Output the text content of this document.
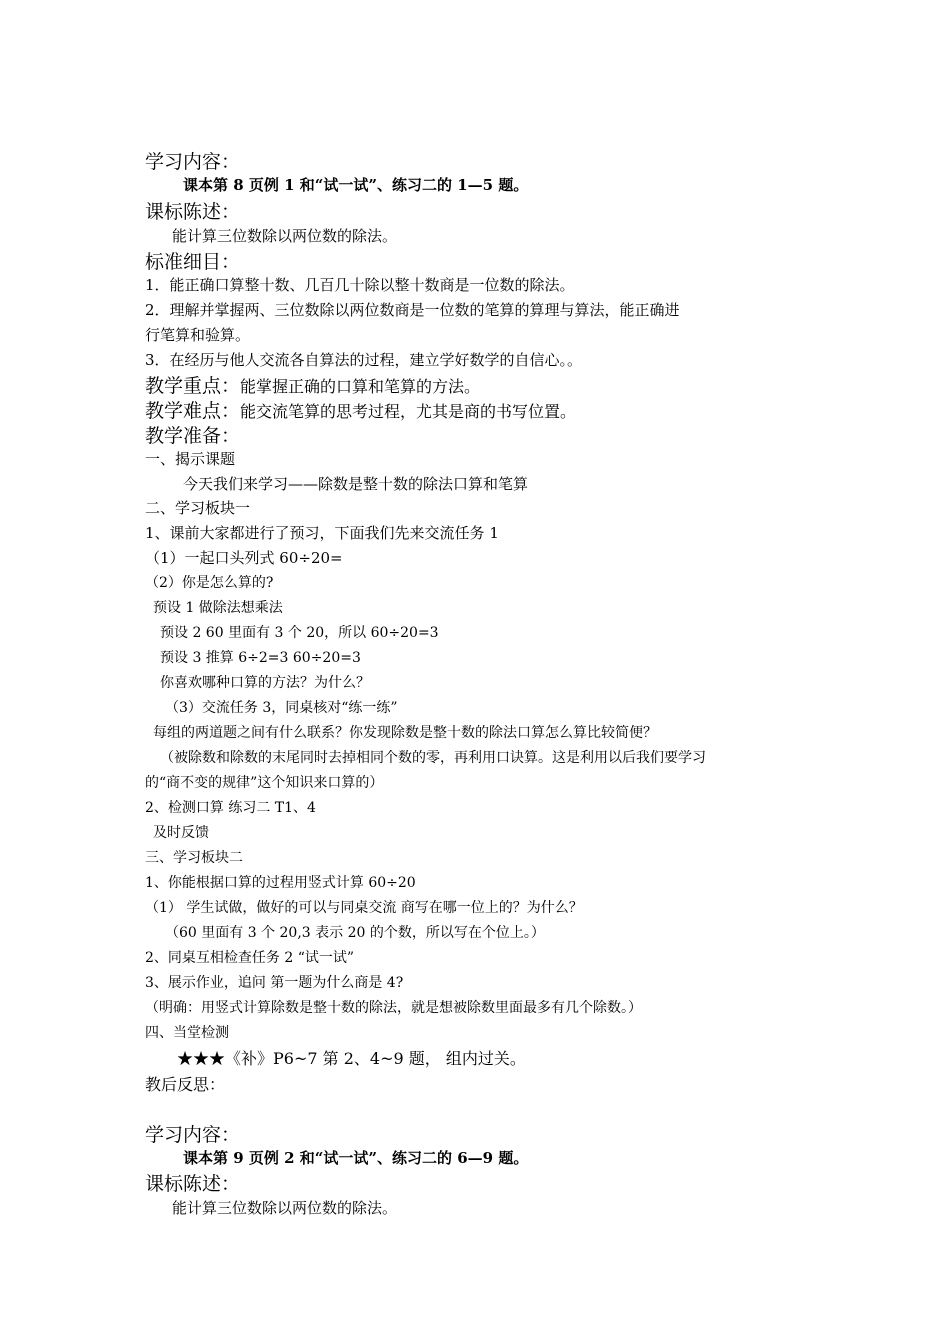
学习内容：
课本第 8 页例 1 和“试一试”、练习二的 1—5 题。
课标陈述：
能计算三位数除以两位数的除法。
标准细目：
1．能正确口算整十数、几百几十除以整十数商是一位数的除法。
2．理解并掌握两、三位数除以两位数商是一位数的笔算的算理与算法，能正确进
行笔算和验算。
3．在经历与他人交流各自算法的过程，建立学好数学的自信心。。
教学重点：能掌握正确的口算和笔算的方法。
教学难点：能交流笔算的思考过程，尤其是商的书写位置。
教学准备：
一、揭示课题
今天我们来学习——除数是整十数的除法口算和笔算
二、学习板块一
1、课前大家都进行了预习，下面我们先来交流任务 1
（1）一起口头列式 60÷20=
（2）你是怎么算的?
预设 1 做除法想乘法
预设 2 60 里面有 3 个 20，所以 60÷20=3
预设 3 推算 6÷2=3 60÷20=3
你喜欢哪种口算的方法？为什么？
（3）交流任务 3，同桌核对“练一练”
每组的两道题之间有什么联系？你发现除数是整十数的除法口算怎么算比较简便？
（被除数和除数的末尾同时去掉相同个数的零，再利用口诀算。这是利用以后我们要学习
的“商不变的规律”这个知识来口算的）
2、检测口算 练习二 T1、4
及时反馈
三、学习板块二
1、你能根据口算的过程用竖式计算 60÷20
（1） 学生试做，做好的可以与同桌交流 商写在哪一位上的？为什么？
（60 里面有 3 个 20,3 表示 20 的个数，所以写在个位上。）
2、同桌互相检查任务 2 “试一试”
3、展示作业，追问 第一题为什么商是 4?
（明确：用竖式计算除数是整十数的除法，就是想被除数里面最多有几个除数。）
四、当堂检测
★★★《补》P6~7 第 2、4~9 题， 组内过关。
教后反思：
学习内容：
课本第 9 页例 2 和“试一试”、练习二的 6—9 题。
课标陈述：
能计算三位数除以两位数的除法。
